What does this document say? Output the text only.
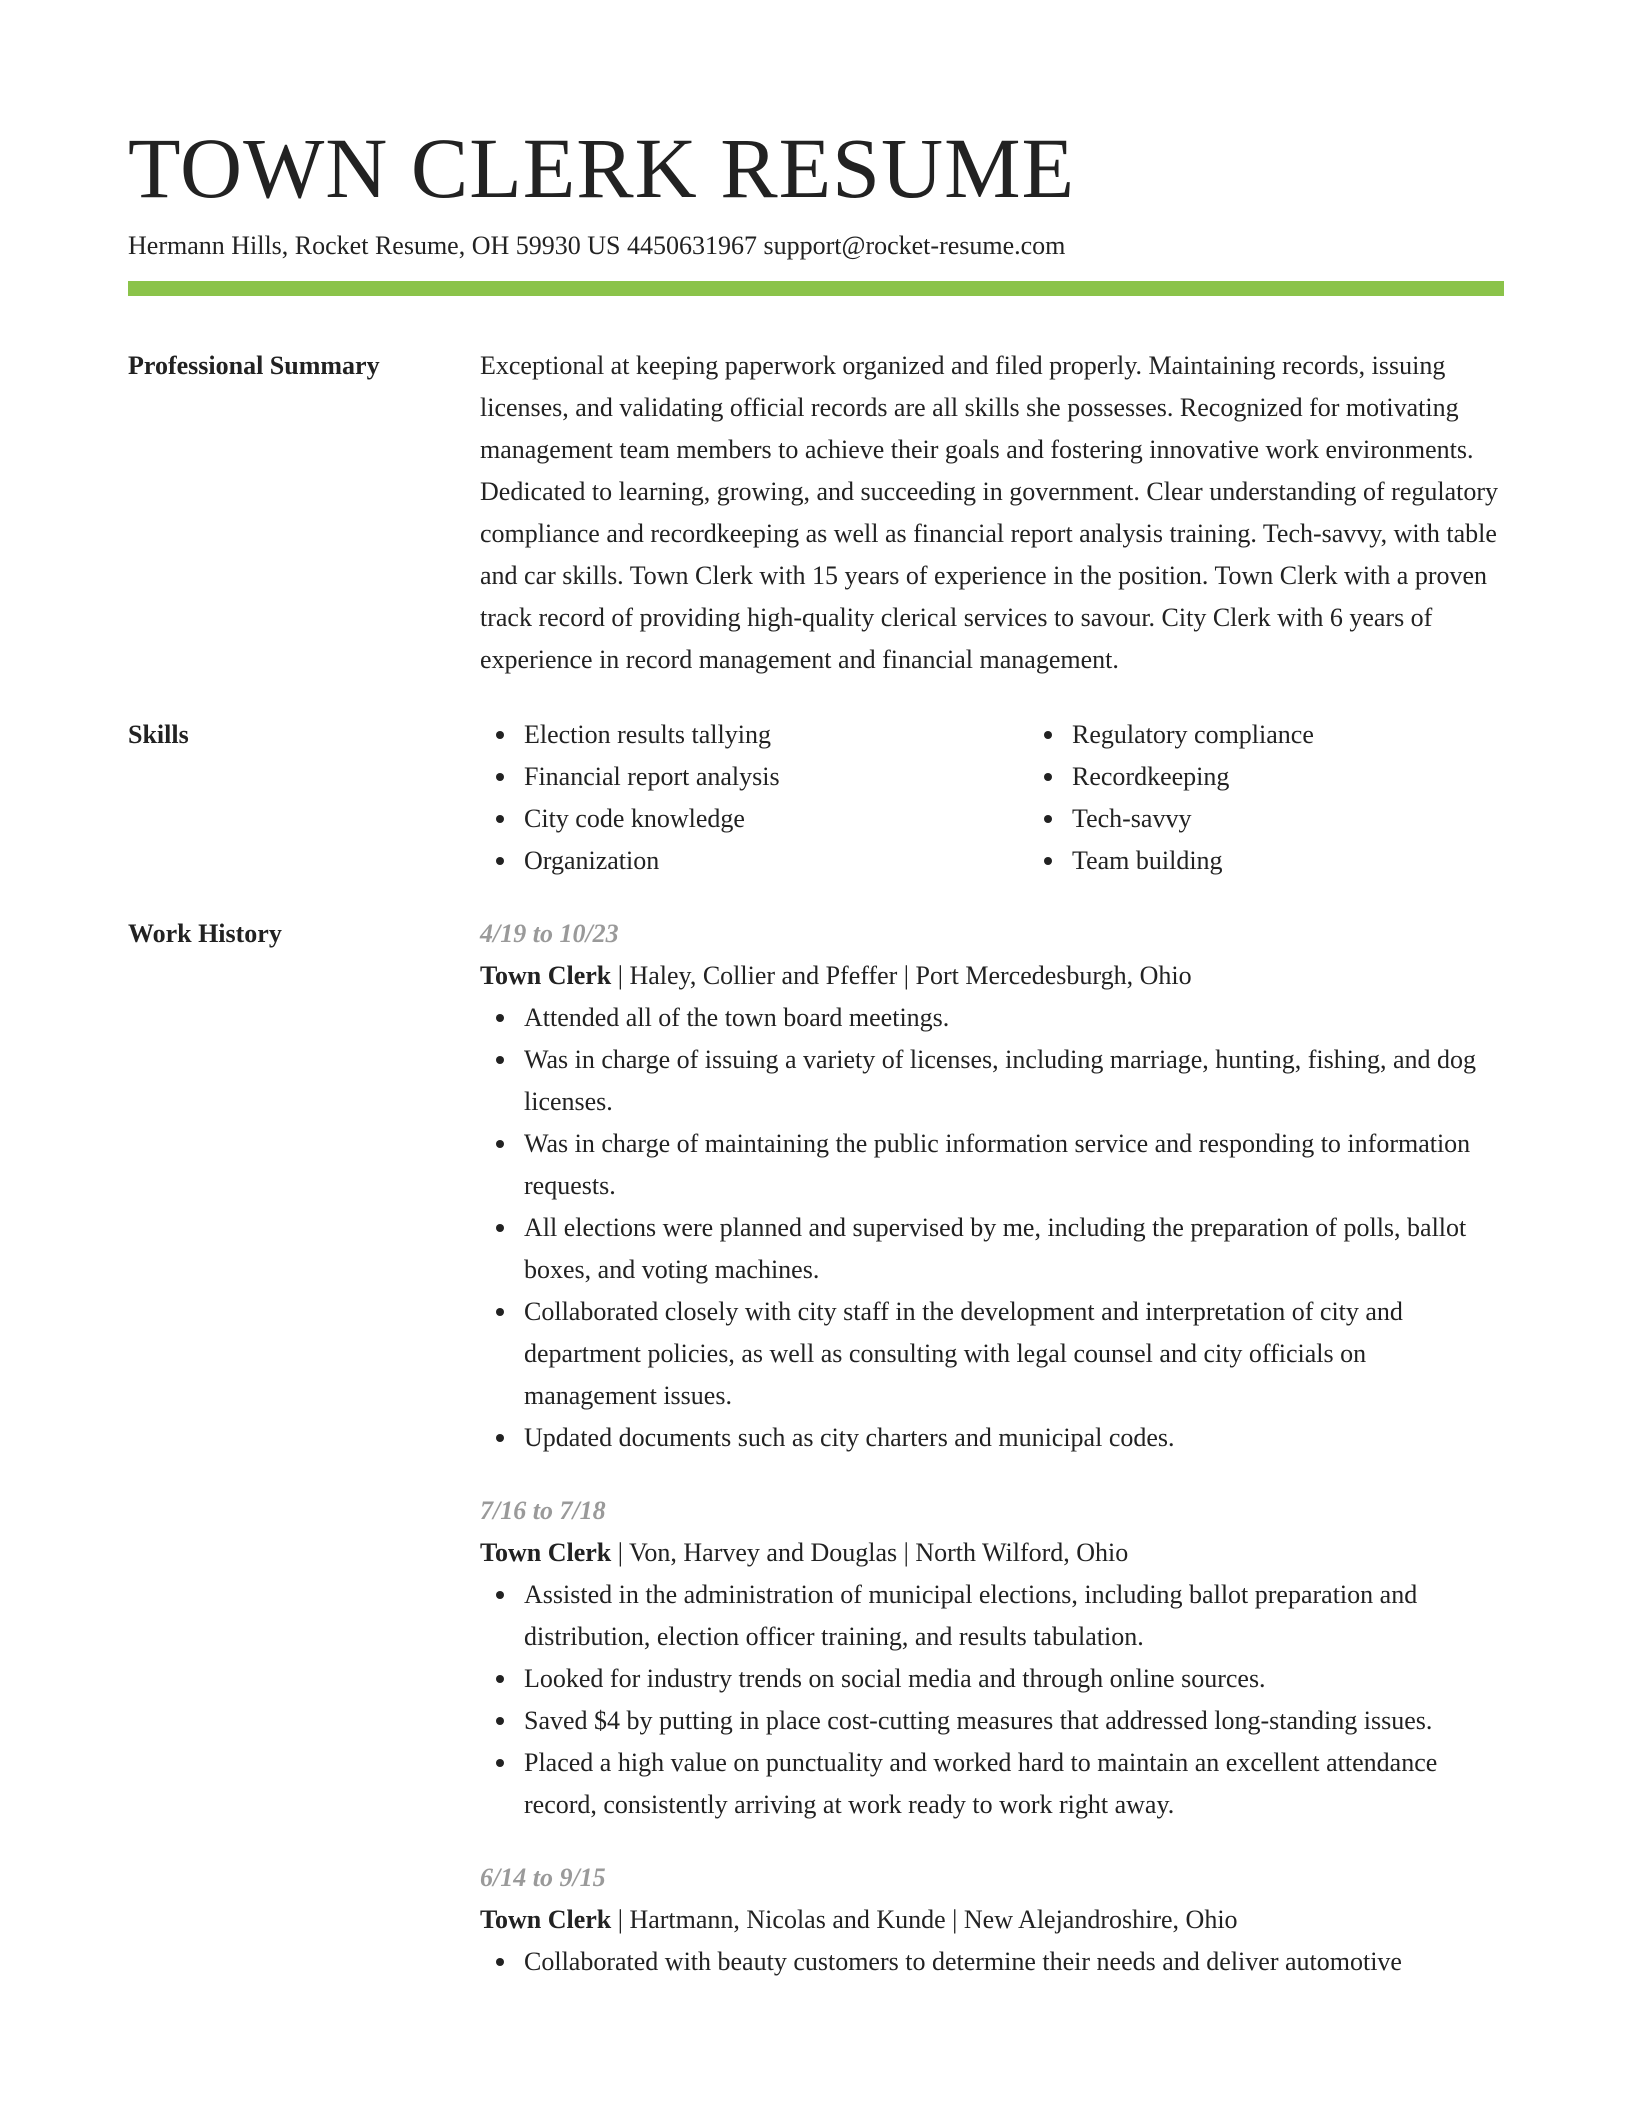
TOWN CLERK RESUME
Hermann Hills, Rocket Resume, OH 59930 US 4450631967 support@rocket-resume.com
Professional Summary	Exceptional at keeping paperwork organized and filed properly. Maintaining records, issuing licenses, and validating official records are all skills she possesses. Recognized for motivating management team members to achieve their goals and fostering innovative work environments. Dedicated to learning, growing, and succeeding in government. Clear understanding of regulatory compliance and recordkeeping as well as financial report analysis training. Tech-savvy, with table and car skills. Town Clerk with 15 years of experience in the position. Town Clerk with a proven track record of providing high-quality clerical services to savour. City Clerk with 6 years of experience in record management and financial management.

Skills	Election results tallying
Financial report analysis
City code knowledge
Organization
Regulatory compliance
Recordkeeping
Tech-savvy
Team building
Work History	4/19 to 10/23
Town Clerk | Haley, Collier and Pfeffer | Port Mercedesburgh, Ohio
Attended all of the town board meetings.
Was in charge of issuing a variety of licenses, including marriage, hunting, fishing, and dog licenses.
Was in charge of maintaining the public information service and responding to information requests.
All elections were planned and supervised by me, including the preparation of polls, ballot boxes, and voting machines.
Collaborated closely with city staff in the development and interpretation of city and department policies, as well as consulting with legal counsel and city officials on management issues.
Updated documents such as city charters and municipal codes.
7/16 to 7/18
Town Clerk | Von, Harvey and Douglas | North Wilford, Ohio
Assisted in the administration of municipal elections, including ballot preparation and distribution, election officer training, and results tabulation.
Looked for industry trends on social media and through online sources.
Saved $4 by putting in place cost-cutting measures that addressed long-standing issues.
Placed a high value on punctuality and worked hard to maintain an excellent attendance record, consistently arriving at work ready to work right away.
6/14 to 9/15
Town Clerk | Hartmann, Nicolas and Kunde | New Alejandroshire, Ohio
Collaborated with beauty customers to determine their needs and deliver automotive
